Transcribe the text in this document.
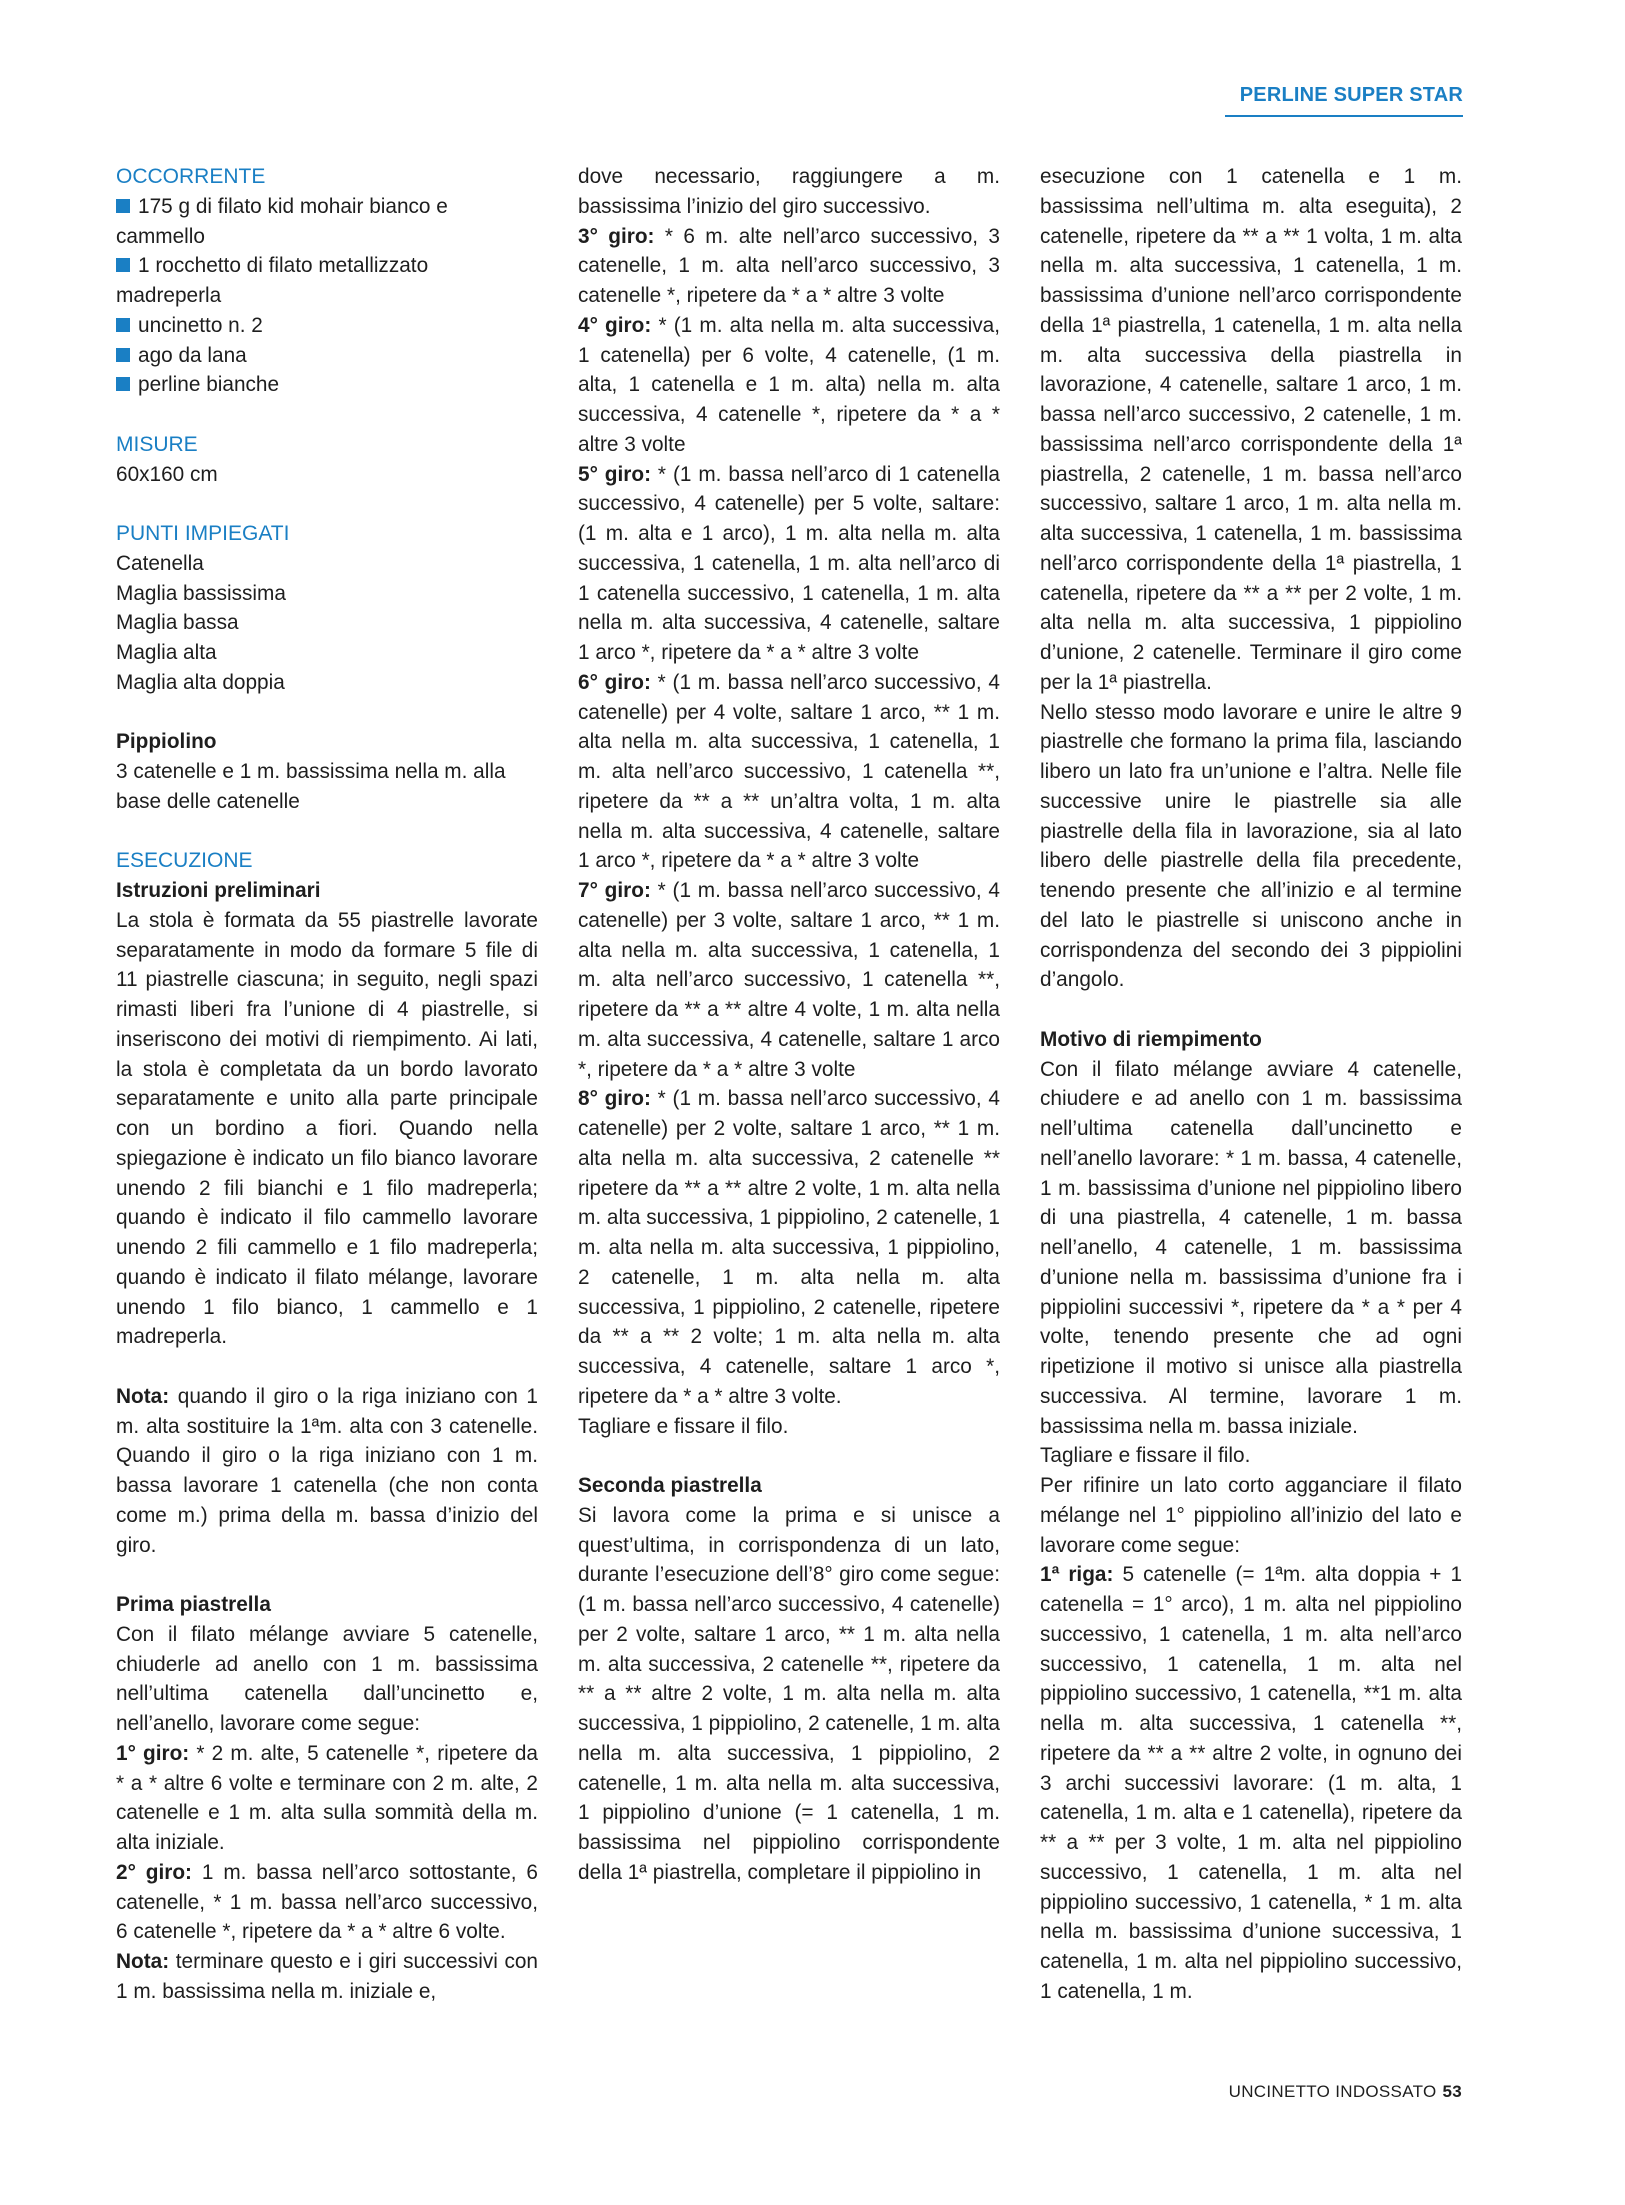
PERLINE SUPER STAR
OCCORRENTE
175 g di filato kid mohair bianco e cammello
1 rocchetto di filato metallizzato madreperla
uncinetto n. 2
ago da lana
perline bianche
MISURE
60x160 cm
PUNTI IMPIEGATI
Catenella
Maglia bassissima
Maglia bassa
Maglia alta
Maglia alta doppia
Pippiolino

3 catenelle e 1 m. bassissima nella m. alla base delle catenelle

ESECUZIONE
Istruzioni preliminari

La stola è formata da 55 piastrelle lavorate separatamente in modo da formare 5 file di 11 piastrelle ciascuna; in seguito, negli spazi rimasti liberi fra l’unione di 4 piastrelle, si inseriscono dei motivi di riempimento. Ai lati, la stola è completata da un bordo lavorato separatamente e unito alla parte principale con un bordino a fiori. Quando nella spiegazione è indicato un filo bianco lavorare unendo 2 fili bianchi e 1 filo madreperla; quando è indicato il filo cammello lavorare unendo 2 fili cammello e 1 filo madreperla; quando è indicato il filato mélange, lavorare unendo 1 filo bianco, 1 cammello e 1 madreperla.

Nota: quando il giro o la riga iniziano con 1 m. alta sostituire la 1ªm. alta con 3 catenelle. Quando il giro o la riga iniziano con 1 m. bassa lavorare 1 catenella (che non conta come m.) prima della m. bassa d’inizio del giro.

Prima piastrella

Con il filato mélange avviare 5 catenelle, chiuderle ad anello con 1 m. bassissima nell’ultima catenella dall’uncinetto e, nell’anello, lavorare come segue:

1° giro: * 2 m. alte, 5 catenelle *, ripetere da * a * altre 6 volte e terminare con 2 m. alte, 2 catenelle e 1 m. alta sulla sommità della m. alta iniziale.

2° giro: 1 m. bassa nell’arco sottostante, 6 catenelle, * 1 m. bassa nell’arco successivo, 6 catenelle *, ripetere da * a * altre 6 volte.

Nota: terminare questo e i giri successivi con 1 m. bassissima nella m. iniziale e,

dove necessario, raggiungere a m. bassissima l’inizio del giro successivo.

3° giro: * 6 m. alte nell’arco successivo, 3 catenelle, 1 m. alta nell’arco successivo, 3 catenelle *, ripetere da * a * altre 3 volte

4° giro: * (1 m. alta nella m. alta successiva, 1 catenella) per 6 volte, 4 catenelle, (1 m. alta, 1 catenella e 1 m. alta) nella m. alta successiva, 4 catenelle *, ripetere da * a * altre 3 volte

5° giro: * (1 m. bassa nell’arco di 1 catenella successivo, 4 catenelle) per 5 volte, saltare: (1 m. alta e 1 arco), 1 m. alta nella m. alta successiva, 1 catenella, 1 m. alta nell’arco di 1 catenella successivo, 1 catenella, 1 m. alta nella m. alta successiva, 4 catenelle, saltare 1 arco *, ripetere da * a * altre 3 volte

6° giro: * (1 m. bassa nell’arco successivo, 4 catenelle) per 4 volte, saltare 1 arco, ** 1 m. alta nella m. alta successiva, 1 catenella, 1 m. alta nell’arco successivo, 1 catenella **, ripetere da ** a ** un’altra volta, 1 m. alta nella m. alta successiva, 4 catenelle, saltare 1 arco *, ripetere da * a * altre 3 volte

7° giro: * (1 m. bassa nell’arco successivo, 4 catenelle) per 3 volte, saltare 1 arco, ** 1 m. alta nella m. alta successiva, 1 catenella, 1 m. alta nell’arco successivo, 1 catenella **, ripetere da ** a ** altre 4 volte, 1 m. alta nella m. alta successiva, 4 catenelle, saltare 1 arco *, ripetere da * a * altre 3 volte

8° giro: * (1 m. bassa nell’arco successivo, 4 catenelle) per 2 volte, saltare 1 arco, ** 1 m. alta nella m. alta successiva, 2 catenelle ** ripetere da ** a ** altre 2 volte, 1 m. alta nella m. alta successiva, 1 pippiolino, 2 catenelle, 1 m. alta nella m. alta successiva, 1 pippiolino, 2 catenelle, 1 m. alta nella m. alta successiva, 1 pippiolino, 2 catenelle, ripetere da ** a ** 2 volte; 1 m. alta nella m. alta successiva, 4 catenelle, saltare 1 arco *, ripetere da * a * altre 3 volte.

Tagliare e fissare il filo.

Seconda piastrella

Si lavora come la prima e si unisce a quest’ultima, in corrispondenza di un lato, durante l’esecuzione dell’8° giro come segue: (1 m. bassa nell’arco successivo, 4 catenelle) per 2 volte, saltare 1 arco, ** 1 m. alta nella m. alta successiva, 2 catenelle **, ripetere da ** a ** altre 2 volte, 1 m. alta nella m. alta successiva, 1 pippiolino, 2 catenelle, 1 m. alta nella m. alta successiva, 1 pippiolino, 2 catenelle, 1 m. alta nella m. alta successiva, 1 pippiolino d’unione (= 1 catenella, 1 m. bassissima nel pippiolino corrispondente della 1ª piastrella, completare il pippiolino in

esecuzione con 1 catenella e 1 m. bassissima nell’ultima m. alta eseguita), 2 catenelle, ripetere da ** a ** 1 volta, 1 m. alta nella m. alta successiva, 1 catenella, 1 m. bassissima d’unione nell’arco corrispondente della 1ª piastrella, 1 catenella, 1 m. alta nella m. alta successiva della piastrella in lavorazione, 4 catenelle, saltare 1 arco, 1 m. bassa nell’arco successivo, 2 catenelle, 1 m. bassissima nell’arco corrispondente della 1ª piastrella, 2 catenelle, 1 m. bassa nell’arco successivo, saltare 1 arco, 1 m. alta nella m. alta successiva, 1 catenella, 1 m. bassissima nell’arco corrispondente della 1ª piastrella, 1 catenella, ripetere da ** a ** per 2 volte, 1 m. alta nella m. alta successiva, 1 pippiolino d’unione, 2 catenelle. Terminare il giro come per la 1ª piastrella.

Nello stesso modo lavorare e unire le altre 9 piastrelle che formano la prima fila, lasciando libero un lato fra un’unione e l’altra. Nelle file successive unire le piastrelle sia alle piastrelle della fila in lavorazione, sia al lato libero delle piastrelle della fila precedente, tenendo presente che all’inizio e al termine del lato le piastrelle si uniscono anche in corrispondenza del secondo dei 3 pippiolini d’angolo.

Motivo di riempimento

Con il filato mélange avviare 4 catenelle, chiudere e ad anello con 1 m. bassissima nell’ultima catenella dall’uncinetto e nell’anello lavorare: * 1 m. bassa, 4 catenelle, 1 m. bassissima d’unione nel pippiolino libero di una piastrella, 4 catenelle, 1 m. bassa nell’anello, 4 catenelle, 1 m. bassissima d’unione nella m. bassissima d’unione fra i pippiolini successivi *, ripetere da * a * per 4 volte, tenendo presente che ad ogni ripetizione il motivo si unisce alla piastrella successiva. Al termine, lavorare 1 m. bassissima nella m. bassa iniziale.

Tagliare e fissare il filo.

Per rifinire un lato corto agganciare il filato mélange nel 1° pippiolino all’inizio del lato e lavorare come segue:

1ª riga: 5 catenelle (= 1ªm. alta doppia + 1 catenella = 1° arco), 1 m. alta nel pippiolino successivo, 1 catenella, 1 m. alta nell’arco successivo, 1 catenella, 1 m. alta nel pippiolino successivo, 1 catenella, **1 m. alta nella m. alta successiva, 1 catenella **, ripetere da ** a ** altre 2 volte, in ognuno dei 3 archi successivi lavorare: (1 m. alta, 1 catenella, 1 m. alta e 1 catenella), ripetere da ** a ** per 3 volte, 1 m. alta nel pippiolino successivo, 1 catenella, 1 m. alta nel pippiolino successivo, 1 catenella, * 1 m. alta nella m. bassissima d’unione successiva, 1 catenella, 1 m. alta nel pippiolino successivo, 1 catenella, 1 m.

UNCINETTO INDOSSATO 53
